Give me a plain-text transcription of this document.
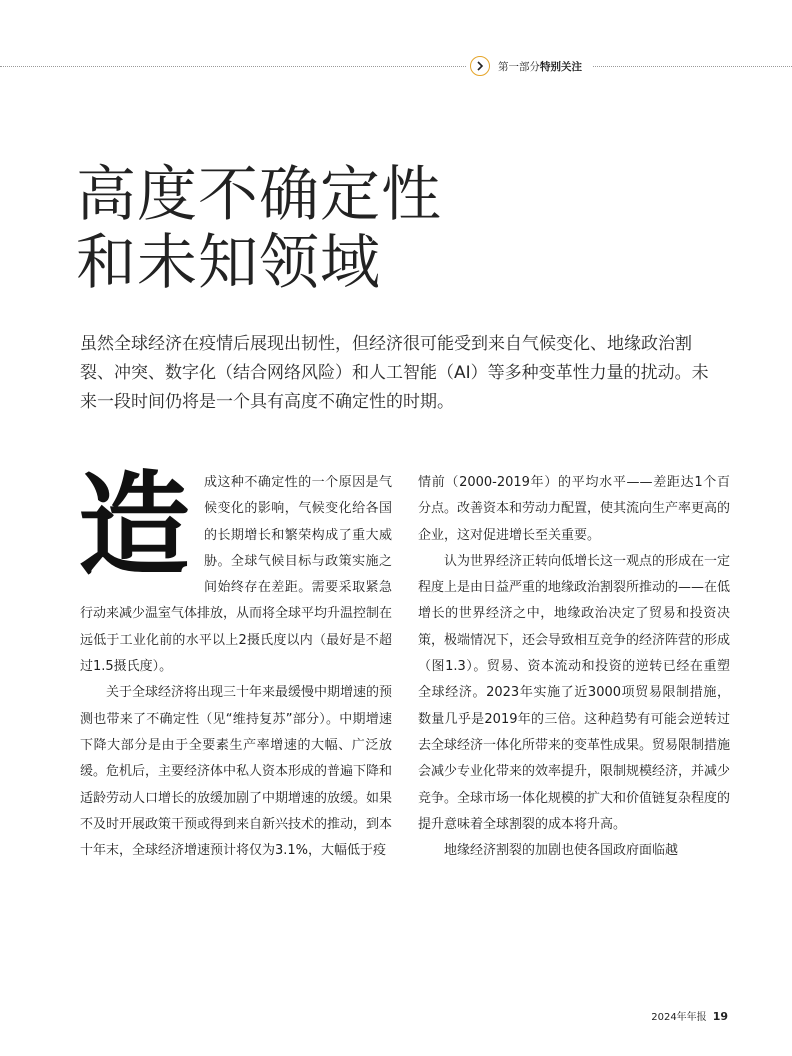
第一部分特别关注
高度不确定性
和未知领域

虽然全球经济在疫情后展现出韧性，但经济很可能受到来自气候变化、地缘政治割裂、冲突、数字化（结合网络风险）和人工智能（AI）等多种变革性力量的扰动。未来一段时间仍将是一个具有高度不确定性的时期。

造 成这种不确定性的一个原因是气候变化的影响，气候变化给各国的长期增长和繁荣构成了重大威胁。全球气候目标与政策实施之间始终存在差距。需要采取紧急行动来减少温室气体排放，从而将全球平均升温控制在远低于工业化前的水平以上2摄氏度以内（最好是不超过1.5摄氏度）。

关于全球经济将出现三十年来最缓慢中期增速的预测也带来了不确定性（见“维持复苏”部分）。中期增速下降大部分是由于全要素生产率增速的大幅、广泛放缓。危机后，主要经济体中私人资本形成的普遍下降和适龄劳动人口增长的放缓加剧了中期增速的放缓。如果不及时开展政策干预或得到来自新兴技术的推动，到本十年末，全球经济增速预计将仅为3.1%，大幅低于疫

情前（2000-2019年）的平均水平——差距达1个百分点。改善资本和劳动力配置，使其流向生产率更高的企业，这对促进增长至关重要。

认为世界经济正转向低增长这一观点的形成在一定程度上是由日益严重的地缘政治割裂所推动的——在低增长的世界经济之中，地缘政治决定了贸易和投资决策，极端情况下，还会导致相互竞争的经济阵营的形成（图1.3）。贸易、资本流动和投资的逆转已经在重塑全球经济。2023年实施了近3000项贸易限制措施，数量几乎是2019年的三倍。这种趋势有可能会逆转过去全球经济一体化所带来的变革性成果。贸易限制措施会减少专业化带来的效率提升，限制规模经济，并减少竞争。全球市场一体化规模的扩大和价值链复杂程度的提升意味着全球割裂的成本将升高。

地缘经济割裂的加剧也使各国政府面临越

2024年年报 19
